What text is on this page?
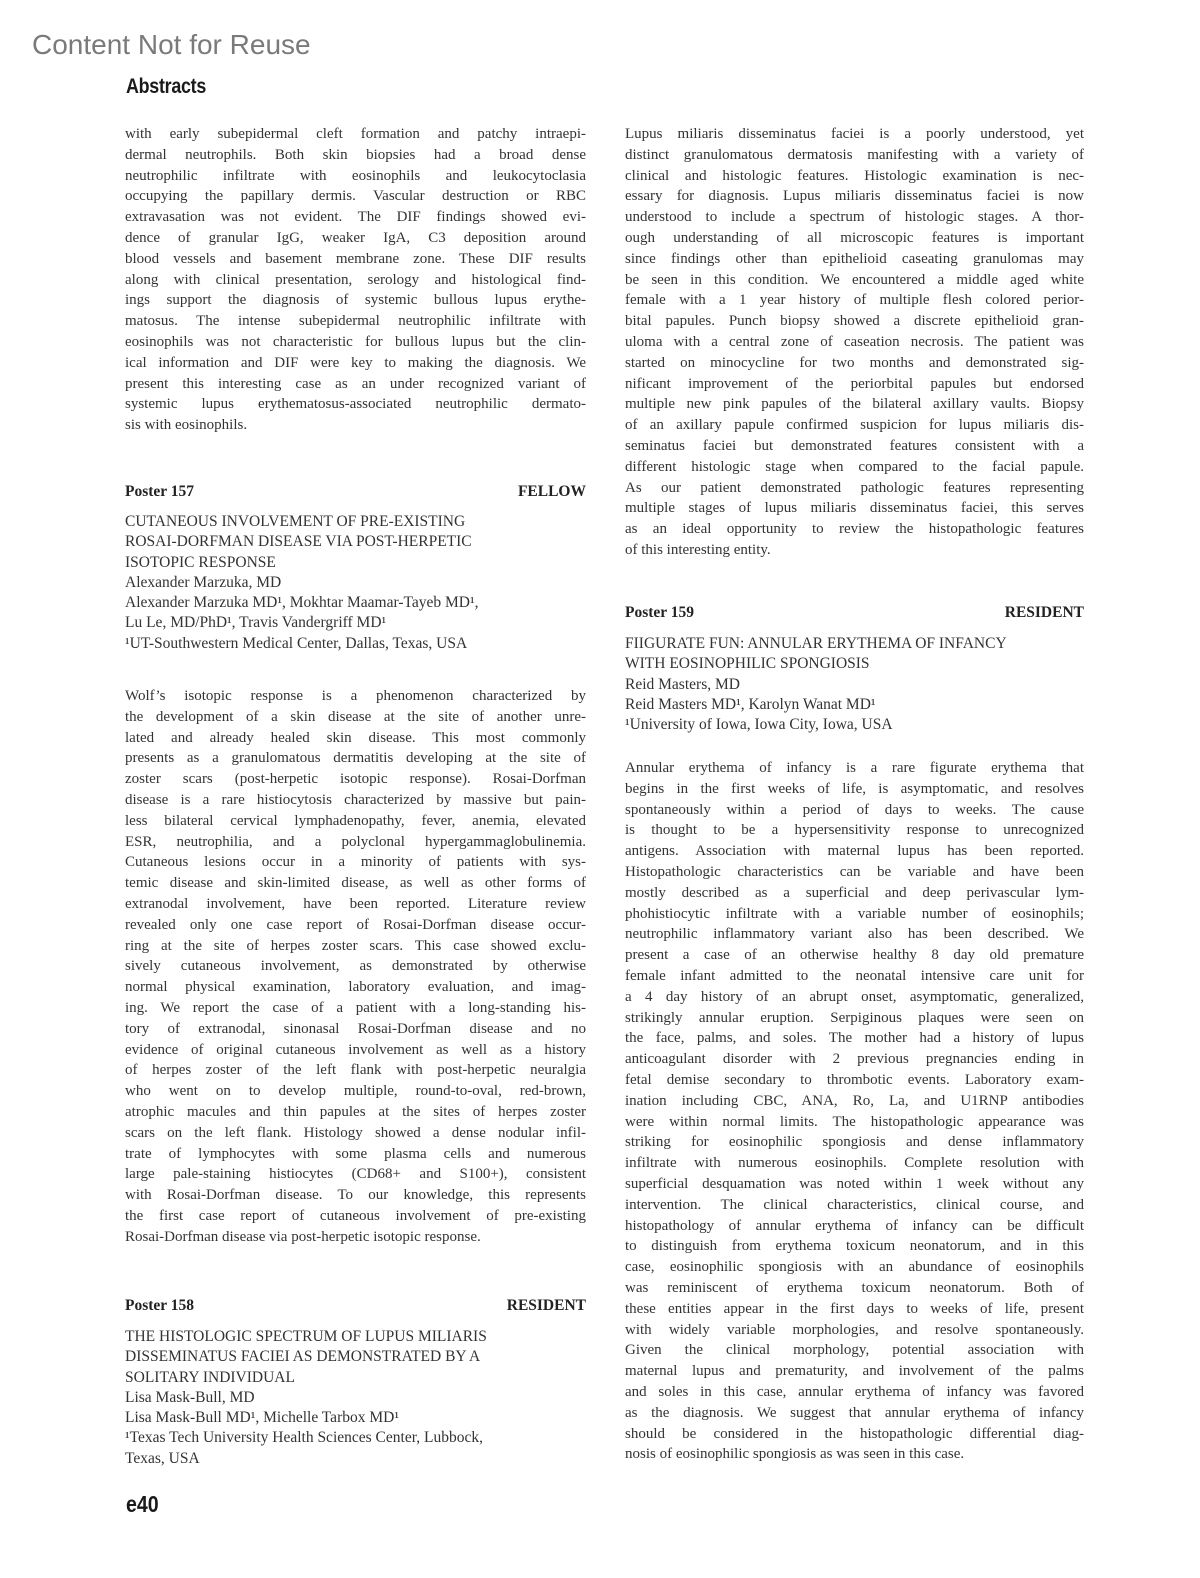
Content Not for Reuse
Abstracts
with early subepidermal cleft formation and patchy intraepi-
dermal neutrophils. Both skin biopsies had a broad dense
neutrophilic infiltrate with eosinophils and leukocytoclasia
occupying the papillary dermis. Vascular destruction or RBC
extravasation was not evident. The DIF findings showed evi-
dence of granular IgG, weaker IgA, C3 deposition around
blood vessels and basement membrane zone. These DIF results
along with clinical presentation, serology and histological find-
ings support the diagnosis of systemic bullous lupus erythe-
matosus. The intense subepidermal neutrophilic infiltrate with
eosinophils was not characteristic for bullous lupus but the clin-
ical information and DIF were key to making the diagnosis. We
present this interesting case as an under recognized variant of
systemic lupus erythematosus-associated neutrophilic dermato-
sis with eosinophils.
Poster 157	FELLOW
CUTANEOUS INVOLVEMENT OF PRE-EXISTING
ROSAI-DORFMAN DISEASE VIA POST-HERPETIC
ISOTOPIC RESPONSE
Alexander Marzuka, MD
Alexander Marzuka MD¹, Mokhtar Maamar-Tayeb MD¹,
Lu Le, MD/PhD¹, Travis Vandergriff MD¹
¹UT-Southwestern Medical Center, Dallas, Texas, USA
Wolf’s isotopic response is a phenomenon characterized by
the development of a skin disease at the site of another unre-
lated and already healed skin disease. This most commonly
presents as a granulomatous dermatitis developing at the site of
zoster scars (post-herpetic isotopic response). Rosai-Dorfman
disease is a rare histiocytosis characterized by massive but pain-
less bilateral cervical lymphadenopathy, fever, anemia, elevated
ESR, neutrophilia, and a polyclonal hypergammaglobulinemia.
Cutaneous lesions occur in a minority of patients with sys-
temic disease and skin-limited disease, as well as other forms of
extranodal involvement, have been reported. Literature review
revealed only one case report of Rosai-Dorfman disease occur-
ring at the site of herpes zoster scars. This case showed exclu-
sively cutaneous involvement, as demonstrated by otherwise
normal physical examination, laboratory evaluation, and imag-
ing. We report the case of a patient with a long-standing his-
tory of extranodal, sinonasal Rosai-Dorfman disease and no
evidence of original cutaneous involvement as well as a history
of herpes zoster of the left flank with post-herpetic neuralgia
who went on to develop multiple, round-to-oval, red-brown,
atrophic macules and thin papules at the sites of herpes zoster
scars on the left flank. Histology showed a dense nodular infil-
trate of lymphocytes with some plasma cells and numerous
large pale-staining histiocytes (CD68+ and S100+), consistent
with Rosai-Dorfman disease. To our knowledge, this represents
the first case report of cutaneous involvement of pre-existing
Rosai-Dorfman disease via post-herpetic isotopic response.
Poster 158	RESIDENT
THE HISTOLOGIC SPECTRUM OF LUPUS MILIARIS
DISSEMINATUS FACIEI AS DEMONSTRATED BY A
SOLITARY INDIVIDUAL
Lisa Mask-Bull, MD
Lisa Mask-Bull MD¹, Michelle Tarbox MD¹
¹Texas Tech University Health Sciences Center, Lubbock,
Texas, USA
e40
Lupus miliaris disseminatus faciei is a poorly understood, yet
distinct granulomatous dermatosis manifesting with a variety of
clinical and histologic features. Histologic examination is nec-
essary for diagnosis. Lupus miliaris disseminatus faciei is now
understood to include a spectrum of histologic stages. A thor-
ough understanding of all microscopic features is important
since findings other than epithelioid caseating granulomas may
be seen in this condition. We encountered a middle aged white
female with a 1 year history of multiple flesh colored perior-
bital papules. Punch biopsy showed a discrete epithelioid gran-
uloma with a central zone of caseation necrosis. The patient was
started on minocycline for two months and demonstrated sig-
nificant improvement of the periorbital papules but endorsed
multiple new pink papules of the bilateral axillary vaults. Biopsy
of an axillary papule confirmed suspicion for lupus miliaris dis-
seminatus faciei but demonstrated features consistent with a
different histologic stage when compared to the facial papule.
As our patient demonstrated pathologic features representing
multiple stages of lupus miliaris disseminatus faciei, this serves
as an ideal opportunity to review the histopathologic features
of this interesting entity.
Poster 159	RESIDENT
FIIGURATE FUN: ANNULAR ERYTHEMA OF INFANCY
WITH EOSINOPHILIC SPONGIOSIS
Reid Masters, MD
Reid Masters MD¹, Karolyn Wanat MD¹
¹University of Iowa, Iowa City, Iowa, USA
Annular erythema of infancy is a rare figurate erythema that
begins in the first weeks of life, is asymptomatic, and resolves
spontaneously within a period of days to weeks. The cause
is thought to be a hypersensitivity response to unrecognized
antigens. Association with maternal lupus has been reported.
Histopathologic characteristics can be variable and have been
mostly described as a superficial and deep perivascular lym-
phohistiocytic infiltrate with a variable number of eosinophils;
neutrophilic inflammatory variant also has been described. We
present a case of an otherwise healthy 8 day old premature
female infant admitted to the neonatal intensive care unit for
a 4 day history of an abrupt onset, asymptomatic, generalized,
strikingly annular eruption. Serpiginous plaques were seen on
the face, palms, and soles. The mother had a history of lupus
anticoagulant disorder with 2 previous pregnancies ending in
fetal demise secondary to thrombotic events. Laboratory exam-
ination including CBC, ANA, Ro, La, and U1RNP antibodies
were within normal limits. The histopathologic appearance was
striking for eosinophilic spongiosis and dense inflammatory
infiltrate with numerous eosinophils. Complete resolution with
superficial desquamation was noted within 1 week without any
intervention. The clinical characteristics, clinical course, and
histopathology of annular erythema of infancy can be difficult
to distinguish from erythema toxicum neonatorum, and in this
case, eosinophilic spongiosis with an abundance of eosinophils
was reminiscent of erythema toxicum neonatorum. Both of
these entities appear in the first days to weeks of life, present
with widely variable morphologies, and resolve spontaneously.
Given the clinical morphology, potential association with
maternal lupus and prematurity, and involvement of the palms
and soles in this case, annular erythema of infancy was favored
as the diagnosis. We suggest that annular erythema of infancy
should be considered in the histopathologic differential diag-
nosis of eosinophilic spongiosis as was seen in this case.
